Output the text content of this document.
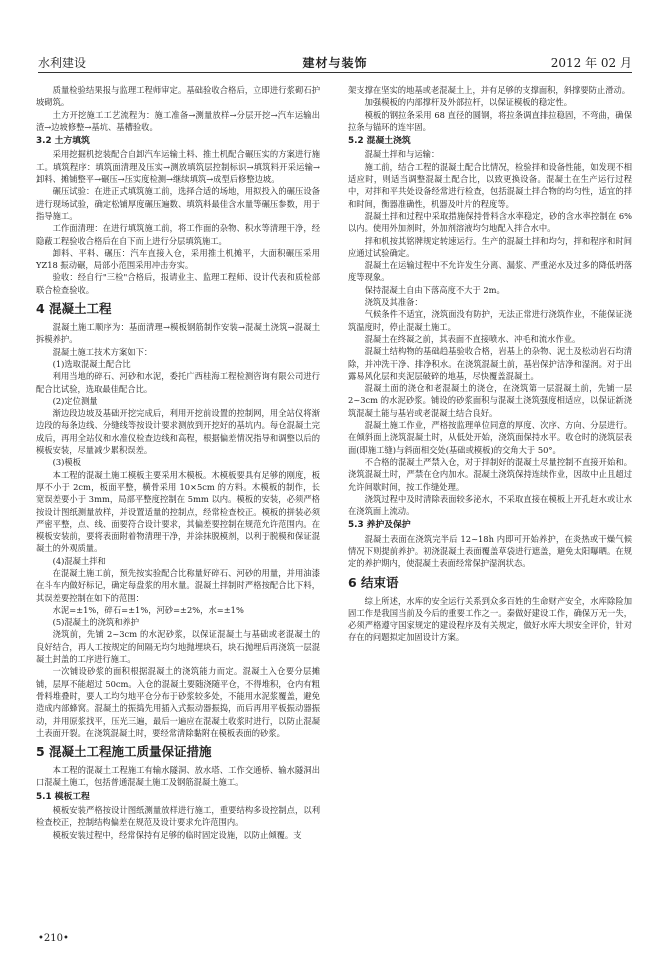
水利建设	建材与装饰	2012 年 02 月

质量检验结果报与监理工程师审定。基础验收合格后，立即进行浆砌石护坡砌筑。

土方开挖施工工艺流程为：施工准备→测量放样→分层开挖→汽车运输出渣→边坡修整→基坑、基槽验收。

3.2 土方填筑

采用挖掘机挖装配合自卸汽车运输土料、推土机配合碾压实的方案进行施工。填筑程序：填筑面清理及压实→测放填筑层控制标识→填筑料开采运输→卸料、摊铺整平→碾压→压实度检测→继续填筑→成型后修整边坡。

碾压试验：在进正式填筑施工前，选择合适的场地，用拟投入的碾压设备进行现场试验，确定松铺厚度碾压遍数、填筑料最佳含水量等碾压参数，用于指导施工。

工作面清理：在进行填筑施工前，将工作面的杂物、积水等清理干净，经隐蔽工程验收合格后在自下而上进行分层填筑施工。

卸料、平料、碾压：汽车直接入仓，采用推土机摊平，大面积碾压采用 YZ18 振动碾，局部小范围采用冲击夯实。

验收：经自行"三检"合格后，报请业主、监理工程师、设计代表和质检部联合检查验收。

4 混凝土工程

混凝土施工顺序为：基面清理→模板钢筋制作安装→混凝土浇筑→混凝土拆模养护。

混凝土施工技术方案如下：

(1)选取混凝土配合比

利用当地的碎石、河砂和水泥，委托广西桂海工程检测咨询有限公司进行配合比试验，选取最佳配合比。

(2)定位测量

渐边段边坡及基础开挖完成后，利用开挖前设置的控制网，用全站仪将渐边段的每条边线、分缝线等按设计要求测放到开挖好的基坑内。每仓混凝土完成后，再用全站仪和水准仪检查边线和高程，根据偏差情况指导和调整以后的模板安装，尽量减少累积误差。

(3)模板

本工程的混凝土施工模板主要采用木模板。木模板要具有足够的刚度，板厚不小于 2cm，板面平整，横骨采用 10×5cm 的方料。木模板的制作，长宽误差要小于 3mm，局部平整度控制在 5mm 以内。模板的安装，必须严格按设计图纸测量放样，并设置适量的控制点，经常检查校正。模板的拼装必须严密平整，点、线、面要符合设计要求，其偏差要控制在规范允许范围内。在模板安装前，要将表面附着物清理干净，并涂抹脱模剂，以利于脱模和保证混凝土的外观质量。

(4)混凝土拌和

在混凝土施工前，预先按实验配合比称量好碎石、河砂的用量，并用油漆在斗车内做好标记，确定每盘浆的用水量。混凝土拌制时严格按配合比下料，其误差要控制在如下的范围：

水泥=±1%，碎石=±1%，河砂=±2%，水=±1%

(5)混凝土的浇筑和养护

浇筑前，先铺 2~3cm 的水泥砂浆，以保证混凝土与基础或老混凝土的良好结合，再人工按规定的间隔无均匀地抛埋块石，块石抛埋后再浇筑一层混凝土封盖的工序进行施工。

一次铺设砂浆的面积根据混凝土的浇筑能力而定。混凝土入仓要分层摊铺，层厚不能超过 50cm。入仓的混凝土要随浇随平仓，不得堆积，仓内有粗骨料堆叠时，要人工均匀地平仓分布于砂浆较多处，不能用水泥浆覆盖，避免造成内部蜂窝。混凝土的振捣先用插入式振动器振捣，而后再用平板振动器振动，并用原浆找平，压光三遍，最后一遍应在混凝土收浆时进行，以防止混凝土表面开裂。在浇筑混凝土时，要经常清除黏附在模板表面的砂浆。

5 混凝土工程施工质量保证措施

本工程的混凝土工程施工有输水隧洞、放水塔、工作交通桥、输水隧洞出口混凝土施工，包括普通混凝土施工及钢筋混凝土施工。

5.1 模板工程

模板安装严格按设计图纸测量放样进行施工，重要结构多设控制点，以利检查校正，控制结构偏差在规范及设计要求允许范围内。

模板安装过程中，经常保持有足够的临时固定设施，以防止倾覆。支

架支撑在坚实的地基或老混凝土上，并有足够的支撑面积，斜撑要防止滑动。

加强模板的内部撑杆及外部拉杆，以保证模板的稳定性。

模板的钢拉条采用 68 直径的圆钢，将拉条调直排拉稳固，不弯曲，确保拉条与锚环的连牢固。

5.2 混凝土浇筑

混凝土拌和与运输：

施工前，结合工程的混凝土配合比情况，检验拌和设备性能，如发现不相适应时，则适当调整混凝土配合比，以致更换设备。混凝土在生产运行过程中，对拌和平共处设备经常进行检查，包括混凝土拌合物的均匀性，适宜的拌和时间，衡器准确性，机器及叶片的程度等。

混凝土拌和过程中采取措施保持骨料含水率稳定，砂的含水率控制在 6%以内。使用外加剂时，外加剂溶液均匀地配入拌合水中。

拌和机按其铭牌规定转速运行。生产的混凝土拌和均匀，拌和程序和时间应通过试验确定。

混凝土在运输过程中不允许发生分离、漏浆、严重泌水及过多的降低坍落度等现象。

保持混凝土自由下落高度不大于 2m。

浇筑及其准备：

气候条件不适宜，浇筑面没有防护，无法正常进行浇筑作业，不能保证浇筑温度时，停止混凝土施工。

混凝土在终凝之前，其表面不直接喷水、冲毛和流水作业。

混凝土结构物的基础趋基验收合格，岩基上的杂物、泥土及松动岩石均清除，并冲洗干净、排净积水。在浇筑混凝土前，基岩保护洁净和湿润。对于出露易风化层和夹泥层破碎的地基，尽快覆盖混凝土。

混凝土面的浇仓和老混凝土的浇仓，在浇筑第一层混凝土前，先铺一层 2~3cm 的水泥砂浆。铺设的砂浆面积与混凝土浇筑强度相适应，以保证新浇筑混凝土能与基岩或老混凝土结合良好。

混凝土施工作业，严格按监理单位同意的厚度、次序、方向、分层进行。在倾斜面上浇筑混凝土时，从低处开始，浇筑面保持水平。收仓时的浇筑层表面(即施工缝)与斜面相交处(基础或模板)的交角大于 50°。

不合格的混凝土严禁入仓，对于拌制好的混凝土尽量控制不直接开始和。浇筑混凝土时，严禁在仓内加水。混凝土浇筑保持连续作业，因故中止且超过允许间歇时间，按工作缝处理。

浇筑过程中及时清除表面较多泌水，不采取直接在模板上开孔赶水或让水在浇筑面上流动。

5.3 养护及保护

混凝土表面在浇筑完半后 12~18h 内即可开始养护，在炎热或干燥气候情况下则提前养护。初浇混凝土表面覆盖草袋进行遮盖，避免太阳曝晒。在规定的养护期内，使混凝土表面经常保护湿润状态。

6 结束语

综上所述，水库的安全运行关系到众多百姓的生命财产安全，水库除险加固工作是我国当前及今后的重要工作之一。秦做好建设工作，确保万无一失，必须严格遵守国家规定的建设程序及有关规定，做好水库大坝安全评价，针对存在的问题拟定加固设计方案。

•210•
